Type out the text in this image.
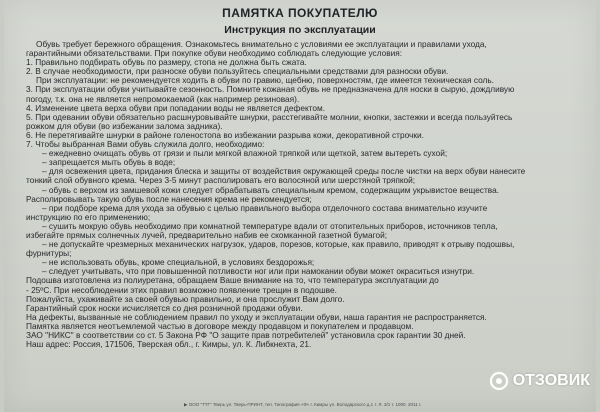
ПАМЯТКА ПОКУПАТЕЛЮ
Инструкция по эксплуатации
Обувь требует бережного обращения. Ознакомьтесь внимательно с условиями ее эксплуатации и правилами ухода,
гарантийными обязательствами. При покупке обуви необходимо соблюдать следующие условия:
1. Правильно подбирать обувь по размеру, стопа не должна быть сжата.
2. В случае необходимости, при разноске обуви пользуйтесь специальными средствами для разноски обуви.
При эксплуатации: не рекомендуется ходить в обуви по гравию, щебню, поверхностям, где имеется техническая соль.
3. При эксплуатации обуви учитывайте сезонность. Помните кожаная обувь не предназначена для носки в сырую, дождливую
погоду, т.к. она не является непромокаемой (как например резиновая).
4. Изменение цвета верха обуви при попадании воды не является дефектом.
5. При одевании обуви обязательно расшнуровывайте шнурки, расстегивайте молнии, кнопки, застежки и всегда пользуйтесь
рожком для обуви (во избежании залома задника).
6. Не перетягивайте шнурки в районе голеностопа во избежании разрыва кожи, декоративной строчки.
7. Чтобы выбранная Вами обувь служила долго, необходимо:
– ежедневно очищать обувь от грязи и пыли мягкой влажной тряпкой или щеткой, затем вытереть сухой;
– запрещается мыть обувь в воде;
– для освежения цвета, придания блеска и защиты от воздействия окружающей среды после чистки на верх обуви нанесите
тонкий слой обувного крема. Через 3-5 минут располировать его волосяной или шерстяной тряпкой;
– обувь с верхом из замшевой кожи следует обрабатывать специальным кремом, содержащим укрывистое вещества.
Располировывать такую обувь после нанесения крема не рекомендуется;
– при подборе крема для ухода за обувью с целью правильного выбора отделочного состава внимательно изучите
инструкцию по его применению;
– сушить мокрую обувь необходимо при комнатной температуре вдали от отопительных приборов, источников тепла,
избегайте прямых солнечных лучей, предварительно набив ее скомканной газетной бумагой;
– не допускайте чрезмерных механических нагрузок, ударов, порезов, которые, как правило, приводят к отрыву подошвы,
фурнитуры;
– не использовать обувь, кроме специальной, в условиях бездорожья;
– следует учитывать, что при повышенной потливости ног или при намокании обуви может окраситься изнутри.
Подошва изготовлена из полиуретана, обращаем Ваше внимание на то, что температура эксплуатации до
- 25ºС. При несоблюдении этих правил возможно появление трещин в подошве.
Пожалуйста, ухаживайте за своей обувью правильно, и она прослужит Вам долго.
Гарантийный срок носки исчисляется со дня розничной продажи обуви.
На дефекты, вызванные не соблюдением правил по уходу и эксплуатации обуви, наша гарантия не распространяется.
Памятка является неотъемлемой частью в договоре между продавцом и покупателем и продавцом.
ЗАО "НИКС" в соответствии со ст. 5 Закона РФ "О защите прав потребителей" установила срок гарантии 30 дней.
Наш адрес: Россия, 171506, Тверская обл., г. Кимры, ул. К. Либкнехта, 21.
▶ ООО "ТТГ" Тверь ул. Тверь-ПРИНТ, тел. Типография «Ф» г. Кимры ул. Володарского д.1 т. Л. 3/1 т. 1000. 2011 г.
ОТЗОВИК
